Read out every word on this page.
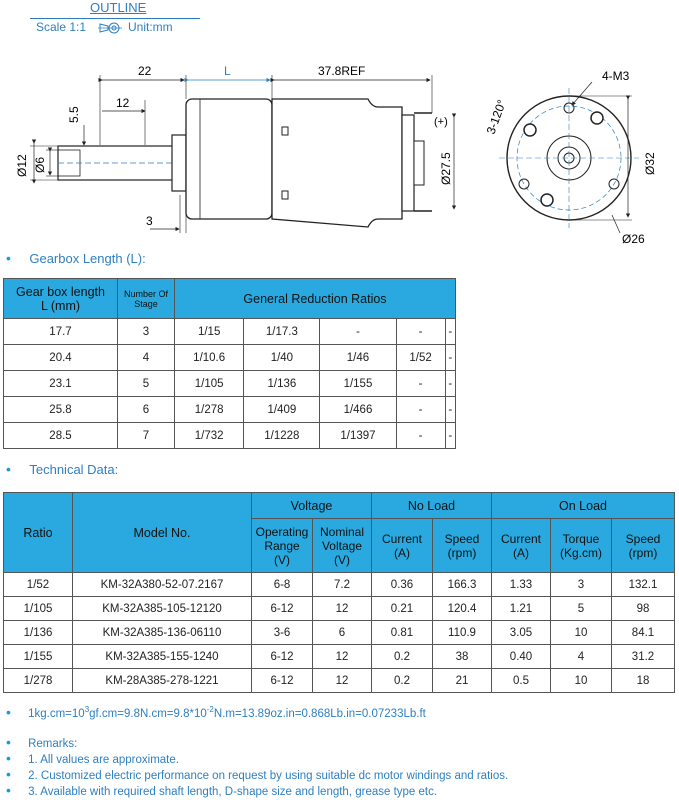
OUTLINE
Scale 1:1	Unit:mm
22	L	37.8REF
12
5.5
Ø12 Ø6
3
Ø27.5
(+)
4-M3
3-120°
Ø32
Ø26
• Gearbox Length (L):
Gear box length
L (mm)	Number Of
Stage	General Reduction Ratios				
17.7	3	1/15	1/17.3	-	-	-
20.4	4	1/10.6	1/40	1/46	1/52	-
23.1	5	1/105	1/136	1/155	-	-
25.8	6	1/278	1/409	1/466	-	-
28.5	7	1/732	1/1228	1/1397	-	-
• Technical Data:
Ratio	Model No.	Voltage		No Load		On Load		
		Operating
Range
(V)	Nominal
Voltage
(V)	Current
(A)	Speed
(rpm)	Current
(A)	Torque
(Kg.cm)	Speed
(rpm)
1/52	KM-32A380-52-07.2167	6-8	7.2	0.36	166.3	1.33	3	132.1
1/105	KM-32A385-105-12120	6-12	12	0.21	120.4	1.21	5	98
1/136	KM-32A385-136-06110	3-6	6	0.81	110.9	3.05	10	84.1
1/155	KM-32A385-155-1240	6-12	12	0.2	38	0.40	4	31.2
1/278	KM-28A385-278-1221	6-12	12	0.2	21	0.5	10	18
• $1kg.cm=10^3gf.cm=9.8N.cm=9.8*10^{-2}N.m=13.89oz.in=0.868Lb.in=0.07233Lb.ft$
• Remarks:
• 1. All values are approximate.
• 2. Customized electric performance on request by using suitable dc motor windings and ratios.
• 3. Available with required shaft length, D-shape size and length, grease type etc.
